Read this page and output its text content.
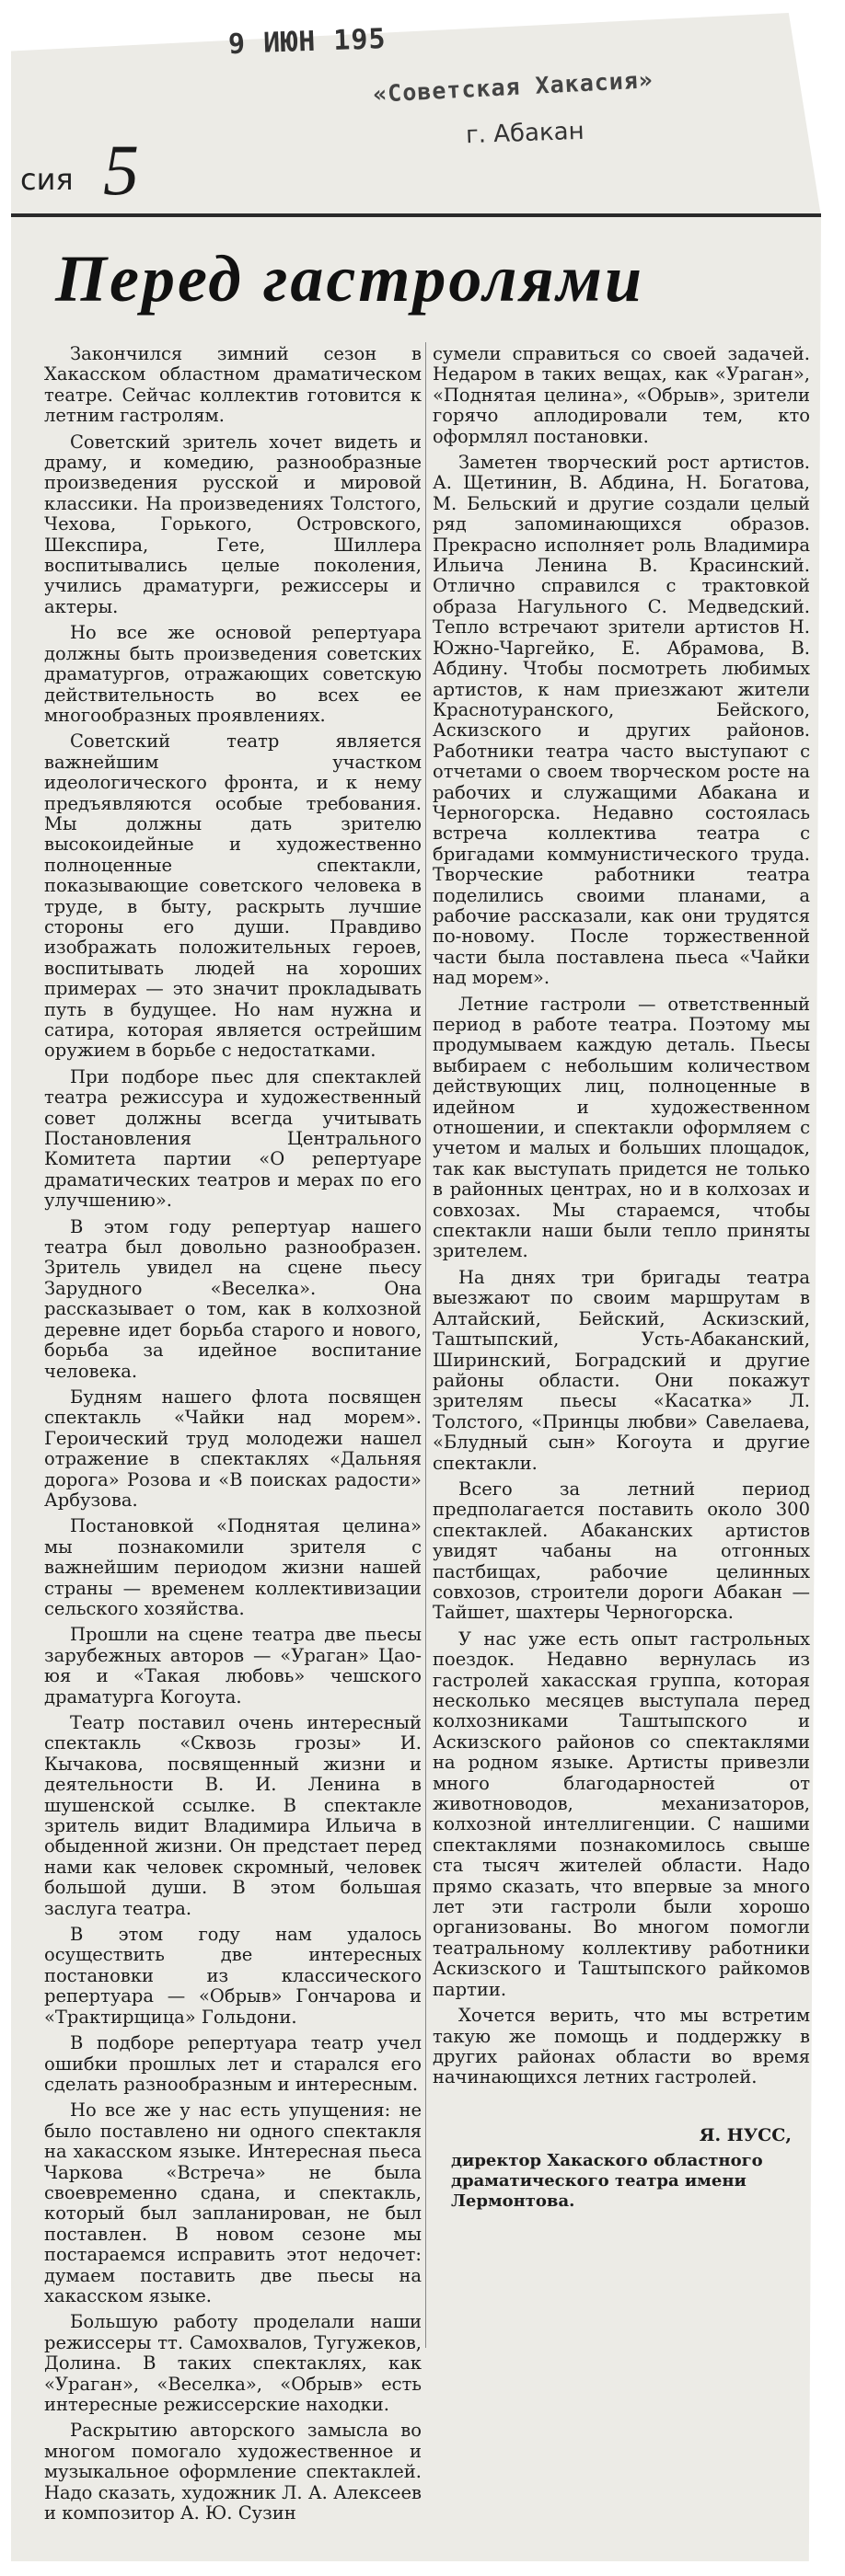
9 ИЮН 195
«Советская Хакасия»
г. Абакан
сия 5
Перед гастролями

Закончился зимний сезон в Хакасском областном драматическом театре. Сейчас коллектив готовится к летним гастролям.

Советский зритель хочет видеть и драму, и комедию, разнообразные произведения русской и мировой классики. На произведениях Толстого, Чехова, Горького, Островского, Шекспира, Гете, Шиллера воспитывались целые поколения, учились драматурги, режиссеры и актеры.

Но все же основой репертуара должны быть произведения советских драматургов, отражающих советскую действительность во всех ее многообразных проявлениях.

Советский театр является важнейшим участком идеологического фронта, и к нему предъявляются особые требования. Мы должны дать зрителю высокоидейные и художественно полноценные спектакли, показывающие советского человека в труде, в быту, раскрыть лучшие стороны его души. Правдиво изображать положительных героев, воспитывать людей на хороших примерах — это значит прокладывать путь в будущее. Но нам нужна и сатира, которая является острейшим оружием в борьбе с недостатками.

При подборе пьес для спектаклей театра режиссура и художественный совет должны всегда учитывать Постановления Центрального Комитета партии «О репертуаре драматических театров и мерах по его улучшению».

В этом году репертуар нашего театра был довольно разнообразен. Зритель увидел на сцене пьесу Зарудного «Веселка». Она рассказывает о том, как в колхозной деревне идет борьба старого и нового, борьба за идейное воспитание человека.

Будням нашего флота посвящен спектакль «Чайки над морем». Героический труд молодежи нашел отражение в спектаклях «Дальняя дорога» Розова и «В поисках радости» Арбузова.

Постановкой «Поднятая целина» мы познакомили зрителя с важнейшим периодом жизни нашей страны — временем коллективизации сельского хозяйства.

Прошли на сцене театра две пьесы зарубежных авторов — «Ураган» Цао-юя и «Такая любовь» чешского драматурга Когоута.

Театр поставил очень интересный спектакль «Сквозь грозы» И. Кычакова, посвященный жизни и деятельности В. И. Ленина в шушенской ссылке. В спектакле зритель видит Владимира Ильича в обыденной жизни. Он предстает перед нами как человек скромный, человек большой души. В этом большая заслуга театра.

В этом году нам удалось осуществить две интересных постановки из классического репертуара — «Обрыв» Гончарова и «Трактирщица» Гольдони.

В подборе репертуара театр учел ошибки прошлых лет и старался его сделать разнообразным и интересным.

Но все же у нас есть упущения: не было поставлено ни одного спектакля на хакасском языке. Интересная пьеса Чаркова «Встреча» не была своевременно сдана, и спектакль, который был запланирован, не был поставлен. В новом сезоне мы постараемся исправить этот недочет: думаем поставить две пьесы на хакасском языке.

Большую работу проделали наши режиссеры тт. Самохвалов, Тугужеков, Долина. В таких спектаклях, как «Ураган», «Веселка», «Обрыв» есть интересные режиссерские находки.

Раскрытию авторского замысла во многом помогало художественное и музыкальное оформление спектаклей. Надо сказать, художник Л. А. Алексеев и композитор А. Ю. Сузин

сумели справиться со своей задачей. Недаром в таких вещах, как «Ураган», «Поднятая целина», «Обрыв», зрители горячо аплодировали тем, кто оформлял постановки.

Заметен творческий рост артистов. А. Щетинин, В. Абдина, Н. Богатова, М. Бельский и другие создали целый ряд запоминающихся образов. Прекрасно исполняет роль Владимира Ильича Ленина В. Красинский. Отлично справился с трактовкой образа Нагульного С. Медведский. Тепло встречают зрители артистов Н. Южно-Чаргейко, Е. Абрамова, В. Абдину. Чтобы посмотреть любимых артистов, к нам приезжают жители Краснотуранского, Бейского, Аскизского и других районов. Работники театра часто выступают с отчетами о своем творческом росте на рабочих и служащими Абакана и Черногорска. Недавно состоялась встреча коллектива театра с бригадами коммунистического труда. Творческие работники театра поделились своими планами, а рабочие рассказали, как они трудятся по-новому. После торжественной части была поставлена пьеса «Чайки над морем».

Летние гастроли — ответственный период в работе театра. Поэтому мы продумываем каждую деталь. Пьесы выбираем с небольшим количеством действующих лиц, полноценные в идейном и художественном отношении, и спектакли оформляем с учетом и малых и больших площадок, так как выступать придется не только в районных центрах, но и в колхозах и совхозах. Мы стараемся, чтобы спектакли наши были тепло приняты зрителем.

На днях три бригады театра выезжают по своим маршрутам в Алтайский, Бейский, Аскизский, Таштыпский, Усть-Абаканский, Ширинский, Боградский и другие районы области. Они покажут зрителям пьесы «Касатка» Л. Толстого, «Принцы любви» Савелаева, «Блудный сын» Когоута и другие спектакли.

Всего за летний период предполагается поставить около 300 спектаклей. Абаканских артистов увидят чабаны на отгонных пастбищах, рабочие целинных совхозов, строители дороги Абакан — Тайшет, шахтеры Черногорска.

У нас уже есть опыт гастрольных поездок. Недавно вернулась из гастролей хакасская группа, которая несколько месяцев выступала перед колхозниками Таштыпского и Аскизского районов со спектаклями на родном языке. Артисты привезли много благодарностей от животноводов, механизаторов, колхозной интеллигенции. С нашими спектаклями познакомилось свыше ста тысяч жителей области. Надо прямо сказать, что впервые за много лет эти гастроли были хорошо организованы. Во многом помогли театральному коллективу работники Аскизского и Таштыпского райкомов партии.

Хочется верить, что мы встретим такую же помощь и поддержку в других районах области во время начинающихся летних гастролей.

Я. НУСС,
директор Хакаского областного драматического театра имени Лермонтова.
